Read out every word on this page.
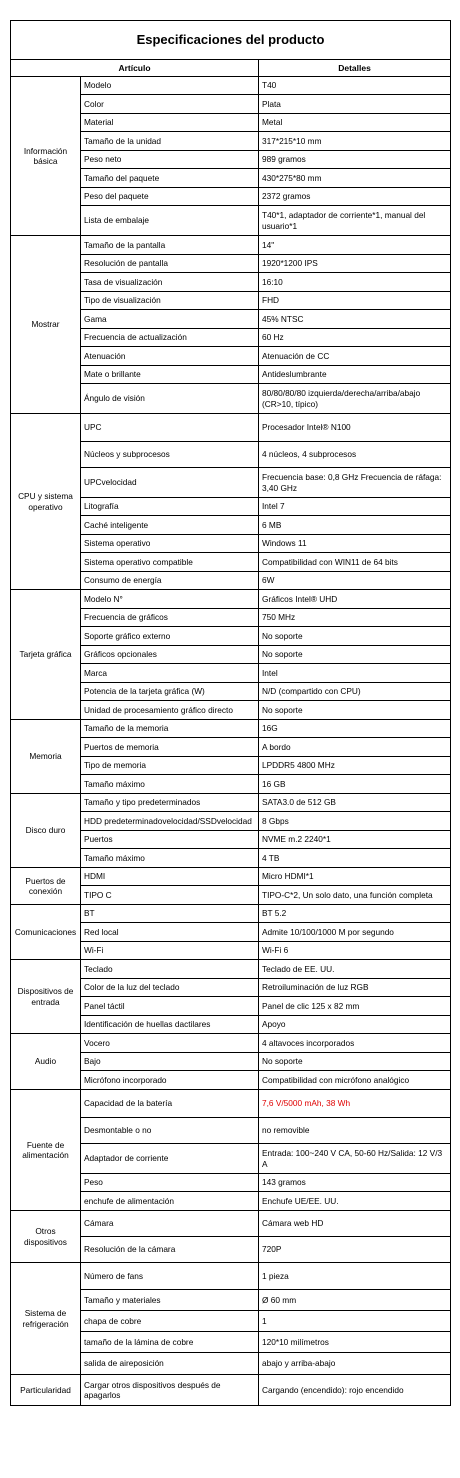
Especificaciones del producto		
Artículo		Detalles
Información básica	Modelo	T40
	Color	Plata
	Material	Metal
	Tamaño de la unidad	317*215*10 mm
	Peso neto	989 gramos
	Tamaño del paquete	430*275*80 mm
	Peso del paquete	2372 gramos
	Lista de embalaje	T40*1, adaptador de corriente*1, manual del usuario*1
Mostrar	Tamaño de la pantalla	14"
	Resolución de pantalla	1920*1200 IPS
	Tasa de visualización	16:10
	Tipo de visualización	FHD
	Gama	45% NTSC
	Frecuencia de actualización	60 Hz
	Atenuación	Atenuación de CC
	Mate o brillante	Antideslumbrante
	Ángulo de visión	80/80/80/80 izquierda/derecha/arriba/abajo (CR>10, típico)
CPU y sistema operativo	UPC	Procesador Intel® N100
	Núcleos y subprocesos	4 núcleos, 4 subprocesos
	UPCvelocidad	Frecuencia base: 0,8 GHz Frecuencia de ráfaga: 3,40 GHz
	Litografía	Intel 7
	Caché inteligente	6 MB
	Sistema operativo	Windows 11
	Sistema operativo compatible	Compatibilidad con WIN11 de 64 bits
	Consumo de energía	6W
Tarjeta gráfica	Modelo N°	Gráficos Intel® UHD
	Frecuencia de gráficos	750 MHz
	Soporte gráfico externo	No soporte
	Gráficos opcionales	No soporte
	Marca	Intel
	Potencia de la tarjeta gráfica (W)	N/D (compartido con CPU)
	Unidad de procesamiento gráfico directo	No soporte
Memoria	Tamaño de la memoria	16G
	Puertos de memoria	A bordo
	Tipo de memoria	LPDDR5 4800 MHz
	Tamaño máximo	16 GB
Disco duro	Tamaño y tipo predeterminados	SATA3.0 de 512 GB
	HDD predeterminadovelocidad/SSDvelocidad	8 Gbps
	Puertos	NVME m.2 2240*1
	Tamaño máximo	4 TB
Puertos de conexión	HDMI	Micro HDMI*1
	TIPO C	TIPO-C*2, Un solo dato, una función completa
Comunicaciones	BT	BT 5.2
	Red local	Admite 10/100/1000 M por segundo
	Wi-Fi	Wi-Fi 6
Dispositivos de entrada	Teclado	Teclado de EE. UU.
	Color de la luz del teclado	Retroiluminación de luz RGB
	Panel táctil	Panel de clic 125 x 82 mm
	Identificación de huellas dactilares	Apoyo
Audio	Vocero	4 altavoces incorporados
	Bajo	No soporte
	Micrófono incorporado	Compatibilidad con micrófono analógico
Fuente de alimentación	Capacidad de la batería	7,6 V/5000 mAh, 38 Wh
	Desmontable o no	no removible
	Adaptador de corriente	Entrada: 100~240 V CA, 50-60 Hz/Salida: 12 V/3 A
	Peso	143 gramos
	enchufe de alimentación	Enchufe UE/EE. UU.
Otros dispositivos	Cámara	Cámara web HD
	Resolución de la cámara	720P
Sistema de refrigeración	Número de fans	1 pieza
	Tamaño y materiales	Ø 60 mm
	chapa de cobre	1
	tamaño de la lámina de cobre	120*10 milímetros
	salida de aireposición	abajo y arriba-abajo
Particularidad	Cargar otros dispositivos después de apagarlos	Cargando (encendido): rojo encendido
